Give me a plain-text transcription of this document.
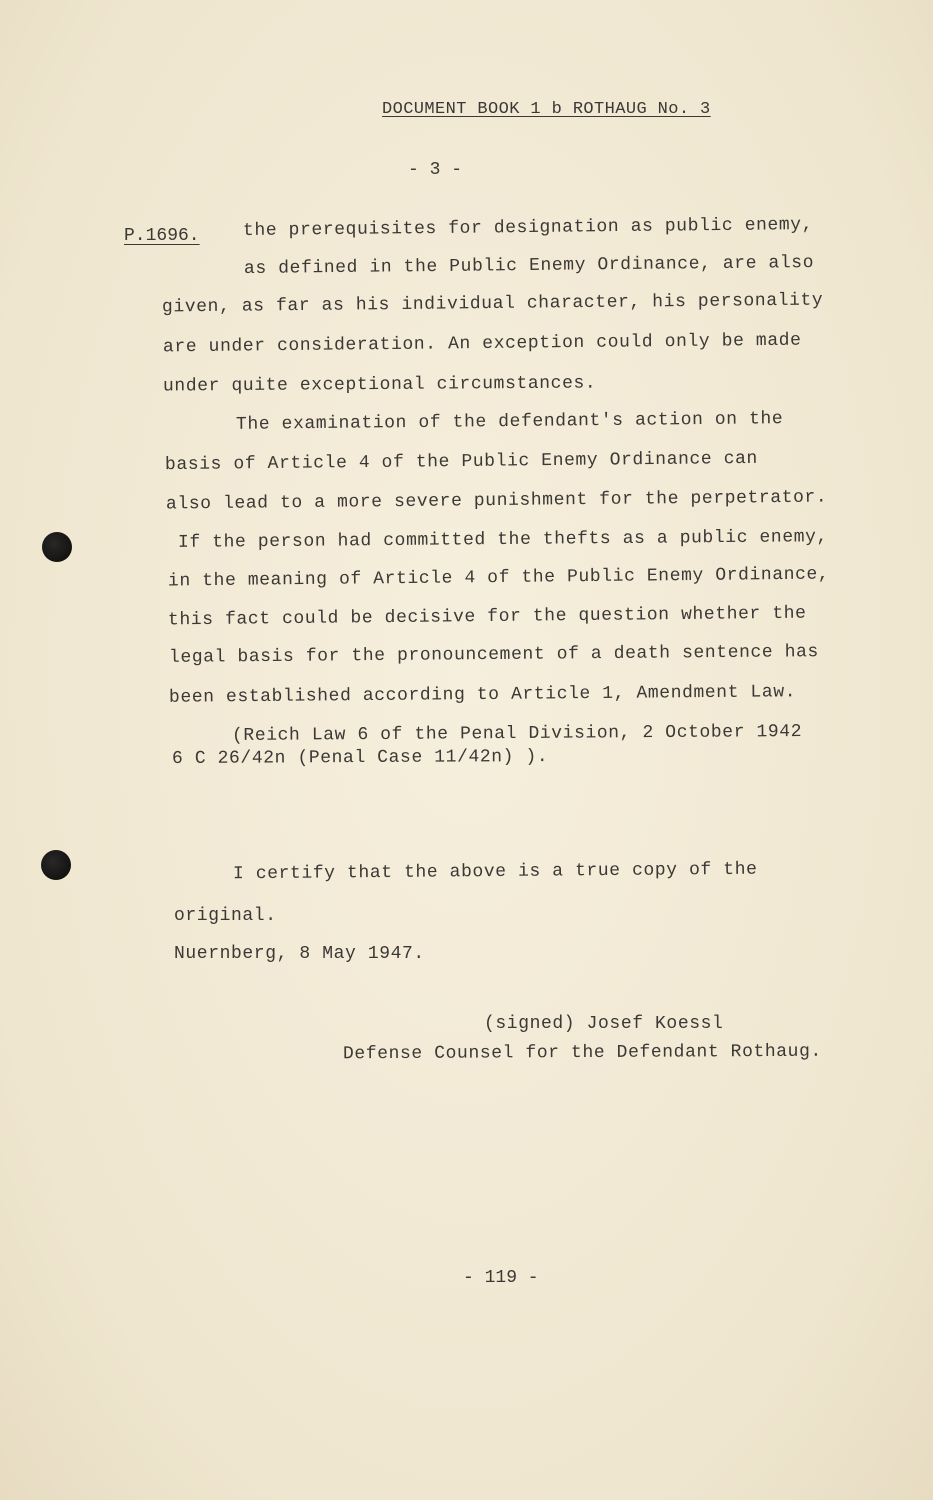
DOCUMENT BOOK 1 b ROTHAUG No. 3
- 3 -
P.1696. the prerequisites for designation as public enemy,
as defined in the Public Enemy Ordinance, are also
given, as far as his individual character, his personality
are under consideration. An exception could only be made
under quite exceptional circumstances.
The examination of the defendant's action on the
basis of Article 4 of the Public Enemy Ordinance can
also lead to a more severe punishment for the perpetrator.
If the person had committed the thefts as a public enemy,
in the meaning of Article 4 of the Public Enemy Ordinance,
this fact could be decisive for the question whether the
legal basis for the pronouncement of a death sentence has
been established according to Article 1, Amendment Law.
(Reich Law 6 of the Penal Division, 2 October 1942
6 C 26/42n (Penal Case 11/42n) ).
I certify that the above is a true copy of the
original.
Nuernberg, 8 May 1947.
(signed) Josef Koessl
Defense Counsel for the Defendant Rothaug.
- 119 -
